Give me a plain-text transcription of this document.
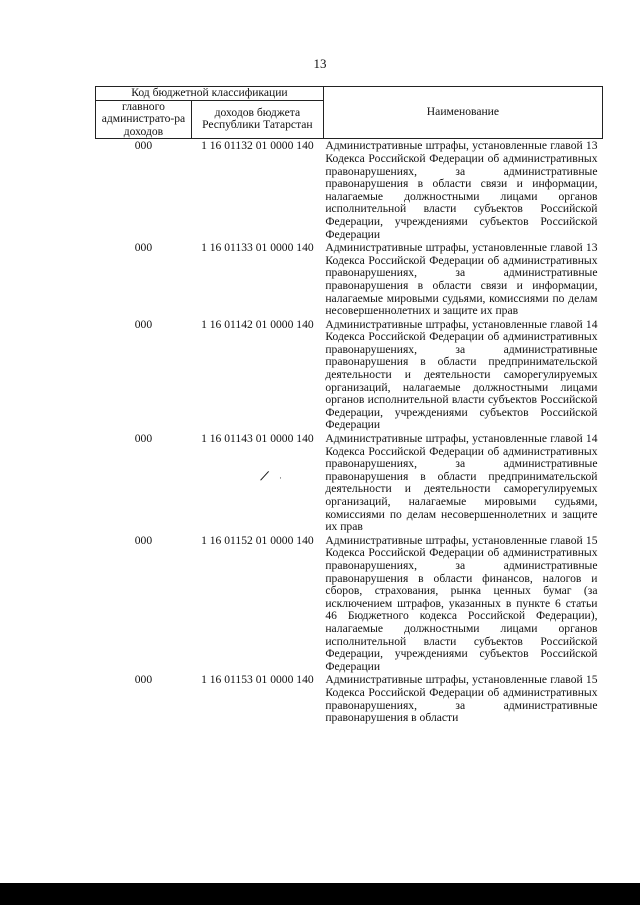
13
Код бюджетной классификации		Наименование
главного администрато-ра доходов	доходов бюджета Республики Татарстан	
000	1 16 01132 01 0000 140	Административные штрафы, установленные главой 13 Кодекса Российской Федерации об административных правонарушениях, за административные правонарушения в области связи и информации, налагаемые должностными лицами органов исполнительной власти субъектов Российской Федерации, учреждениями субъектов Российской Федерации
000	1 16 01133 01 0000 140	Административные штрафы, установленные главой 13 Кодекса Российской Федерации об административных правонарушениях, за административные правонарушения в области связи и информации, налагаемые мировыми судьями, комиссиями по делам несовершеннолетних и защите их прав
000	1 16 01142 01 0000 140	Административные штрафы, установленные главой 14 Кодекса Российской Федерации об административных правонарушениях, за административные правонарушения в области предпринимательской деятельности и деятельности саморегулируемых организаций, налагаемые должностными лицами органов исполнительной власти субъектов Российской Федерации, учреждениями субъектов Российской Федерации
000	1 16 01143 01 0000 140	Административные штрафы, установленные главой 14 Кодекса Российской Федерации об административных правонарушениях, за административные правонарушения в области предпринимательской деятельности и деятельности саморегулируемых организаций, налагаемые мировыми судьями, комиссиями по делам несовершеннолетних и защите их прав
000	1 16 01152 01 0000 140	Административные штрафы, установленные главой 15 Кодекса Российской Федерации об административных правонарушениях, за административные правонарушения в области финансов, налогов и сборов, страхования, рынка ценных бумаг (за исключением штрафов, указанных в пункте 6 статьи 46 Бюджетного кодекса Российской Федерации), налагаемые должностными лицами органов исполнительной власти субъектов Российской Федерации, учреждениями субъектов Российской Федерации
000	1 16 01153 01 0000 140	Административные штрафы, установленные главой 15 Кодекса Российской Федерации об административных правонарушениях, за административные правонарушения в области
/ ·
